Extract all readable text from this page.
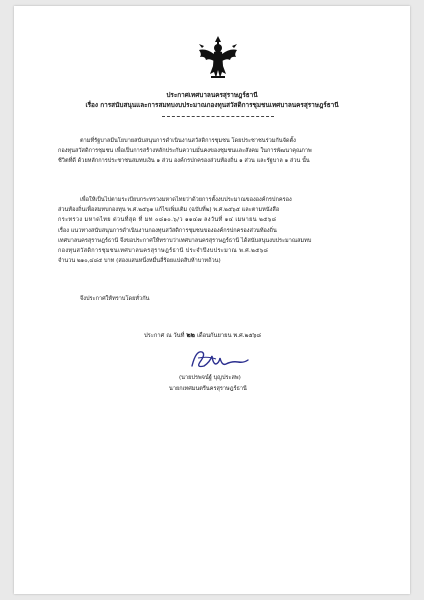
ประกาศเทศบาลนครสุราษฎร์ธานี
เรื่อง การสนับสนุนและการสมทบงบประมาณกองทุนสวัสดิการชุมชนเทศบาลนครสุราษฎร์ธานี
ตามที่รัฐบาลมีนโยบายสนับสนุนการดำเนินงานสวัสดิการชุมชน โดยประชาชนร่วมกันจัดตั้ง
กองทุนสวัสดิการชุมชน เพื่อเป็นการสร้างหลักประกันความมั่นคงของชุมชนและสังคม ในการพัฒนาคุณภาพ
ชีวิตที่ดี ด้วยหลักการประชาชนสมทบเงิน ๑ ส่วน องค์กรปกครองส่วนท้องถิ่น ๑ ส่วน และรัฐบาล ๑ ส่วน นั้น
เพื่อให้เป็นไปตามระเบียบกระทรวงมหาดไทยว่าด้วยการตั้งงบประมาณขององค์กรปกครอง
ส่วนท้องถิ่นเพื่อสมทบกองทุน พ.ศ.๒๕๖๑ แก้ไขเพิ่มเติม (ฉบับที่๒) พ.ศ.๒๕๖๕ และตามหนังสือ
กระทรวง มหาดไทย ด่วนที่สุด ที่ มท ๐๘๑๐.๖/ว ๑๑๔๗ ลงวันที่ ๑๔ เมษายน ๒๕๖๘
เรื่อง แนวทางสนับสนุนการดำเนินงานกองทุนสวัสดิการชุมชนขององค์กรปกครองส่วนท้องถิ่น
เทศบาลนครสุราษฎร์ธานี จึงขอประกาศให้ทราบว่าเทศบาลนครสุราษฎร์ธานี ได้สนับสนุนงบประมาณสมทบ
กองทุนสวัสดิการชุมชนเทศบาลนครสุราษฎร์ธานี ประจำปีงบประมาณ พ.ศ.๒๕๖๘
จำนวน ๒๑๐,๔๘๕ บาท (สองแสนหนึ่งหมื่นสี่ร้อยแปดสิบห้าบาทถ้วน)
จึงประกาศให้ทราบโดยทั่วกัน
ประกาศ ณ วันที่ ๒๒ เดือนกันยายน พ.ศ.๒๕๖๘
(นายปรพจน์ฐ์ บุญประสพ)
นายกเทศมนตรีนครสุราษฎร์ธานี
